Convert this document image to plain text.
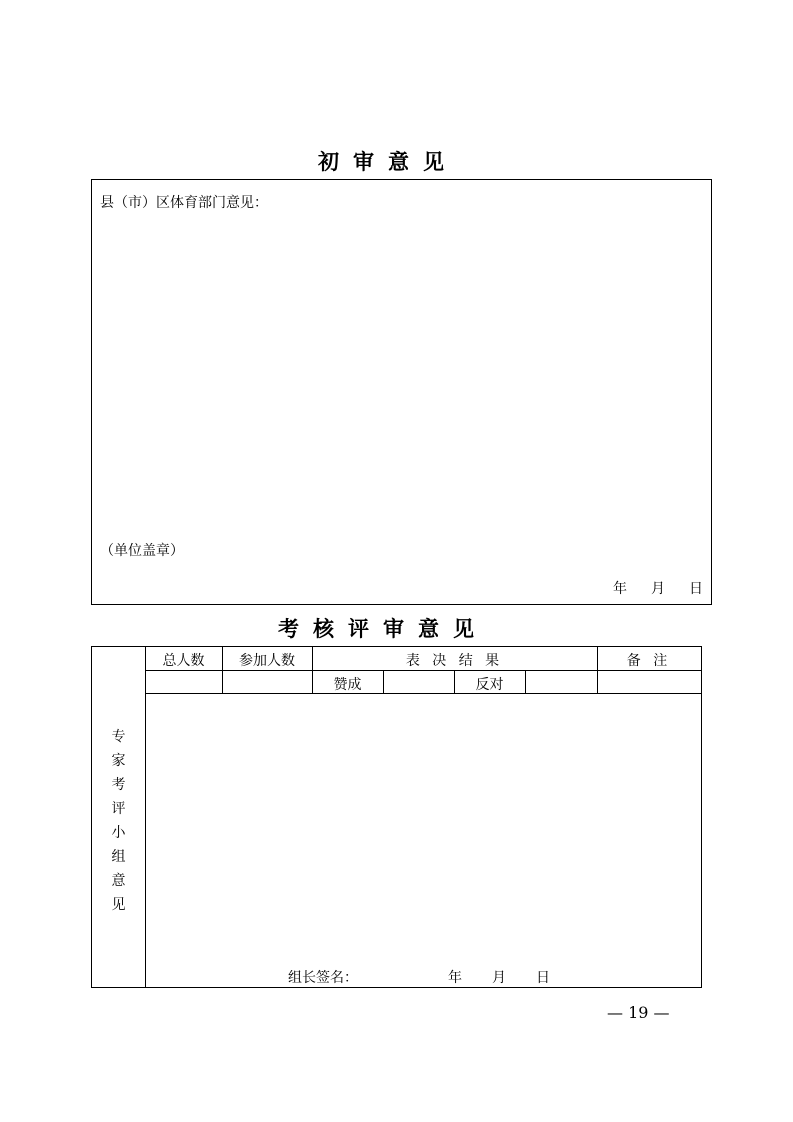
初审意见
县（市）区体育部门意见：
（单位盖章）
年 月 日
考核评审意见
总人数	参加人数	表 决 结 果	备 注
赞成	反对
专
家
考
评
小
组
意
见
组长签名：	年 月 日
— 19 —
